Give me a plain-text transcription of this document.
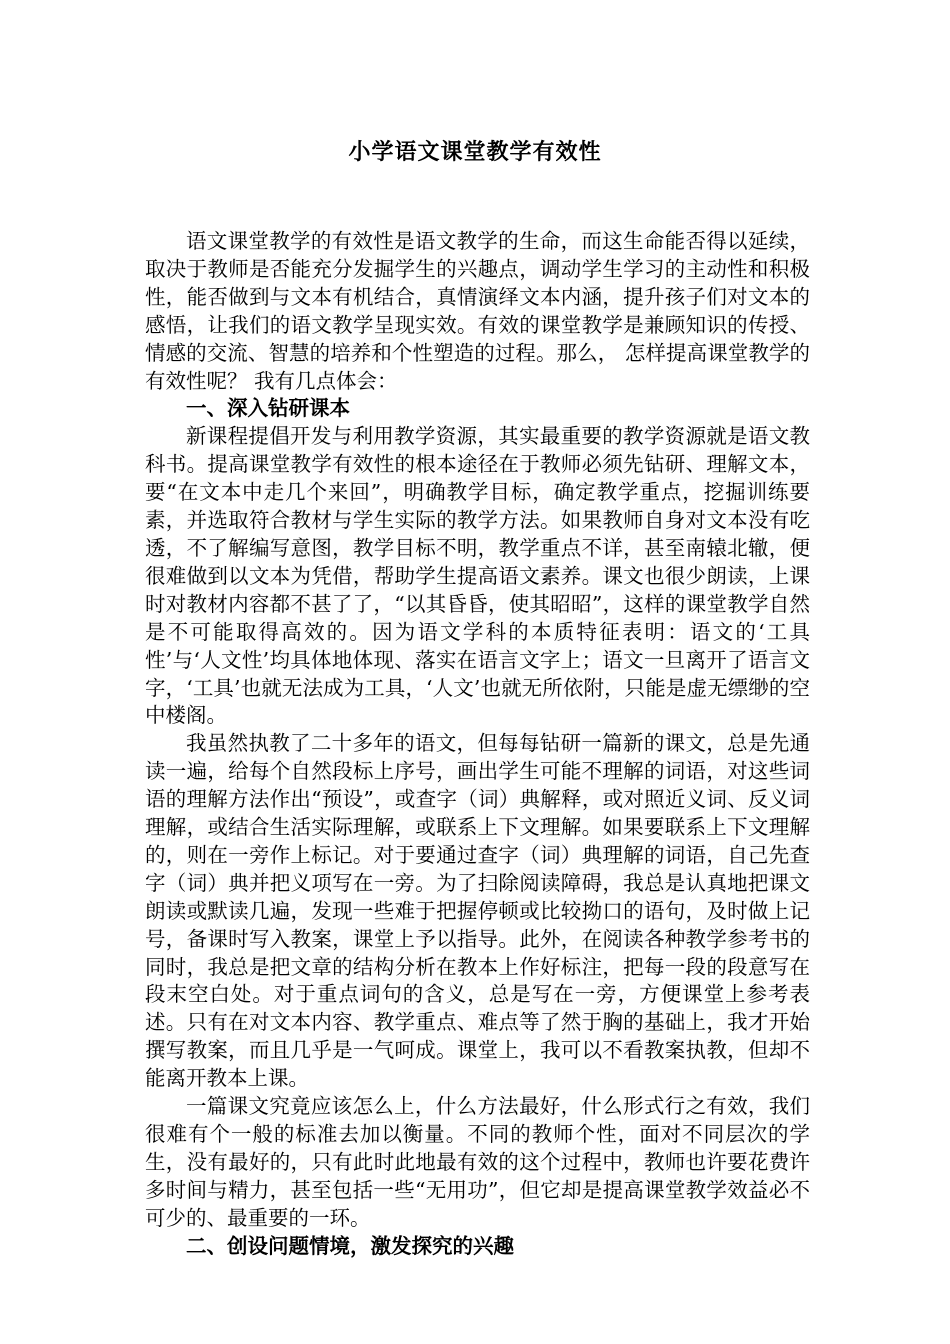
小学语文课堂教学有效性

语文课堂教学的有效性是语文教学的生命，而这生命能否得以延续，取决于教师是否能充分发掘学生的兴趣点，调动学生学习的主动性和积极性，能否做到与文本有机结合，真情演绎文本内涵，提升孩子们对文本的感悟，让我们的语文教学呈现实效。有效的课堂教学是兼顾知识的传授、情感的交流、智慧的培养和个性塑造的过程。那么， 怎样提高课堂教学的有效性呢？ 我有几点体会：

一、深入钻研课本

新课程提倡开发与利用教学资源，其实最重要的教学资源就是语文教科书。提高课堂教学有效性的根本途径在于教师必须先钻研、理解文本，要“在文本中走几个来回”，明确教学目标，确定教学重点，挖掘训练要素，并选取符合教材与学生实际的教学方法。如果教师自身对文本没有吃透，不了解编写意图，教学目标不明，教学重点不详，甚至南辕北辙，便很难做到以文本为凭借，帮助学生提高语文素养。课文也很少朗读，上课时对教材内容都不甚了了，“以其昏昏，使其昭昭”，这样的课堂教学自然是不可能取得高效的。因为语文学科的本质特征表明：语文的‘工具性’与‘人文性’均具体地体现、落实在语言文字上；语文一旦离开了语言文字，‘工具’也就无法成为工具，‘人文’也就无所依附，只能是虚无缥缈的空中楼阁。

我虽然执教了二十多年的语文，但每每钻研一篇新的课文，总是先通读一遍，给每个自然段标上序号，画出学生可能不理解的词语，对这些词语的理解方法作出“预设”，或查字（词）典解释，或对照近义词、反义词理解，或结合生活实际理解，或联系上下文理解。如果要联系上下文理解的，则在一旁作上标记。对于要通过查字（词）典理解的词语，自己先查字（词）典并把义项写在一旁。为了扫除阅读障碍，我总是认真地把课文朗读或默读几遍，发现一些难于把握停顿或比较拗口的语句，及时做上记号，备课时写入教案，课堂上予以指导。此外，在阅读各种教学参考书的同时，我总是把文章的结构分析在教本上作好标注，把每一段的段意写在段末空白处。对于重点词句的含义，总是写在一旁，方便课堂上参考表述。只有在对文本内容、教学重点、难点等了然于胸的基础上，我才开始撰写教案，而且几乎是一气呵成。课堂上，我可以不看教案执教，但却不能离开教本上课。

一篇课文究竟应该怎么上，什么方法最好，什么形式行之有效，我们很难有个一般的标准去加以衡量。不同的教师个性，面对不同层次的学生，没有最好的，只有此时此地最有效的这个过程中，教师也许要花费许多时间与精力，甚至包括一些“无用功”，但它却是提高课堂教学效益必不可少的、最重要的一环。

二、创设问题情境，激发探究的兴趣
